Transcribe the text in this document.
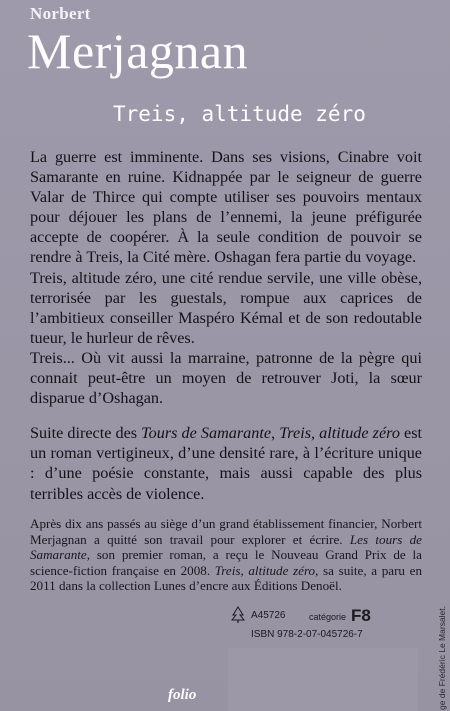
Norbert
Merjagnan
Treis, altitude zéro

La guerre est imminente. Dans ses visions, Cinabre voit Samarante en ruine. Kidnappée par le seigneur de guerre Valar de Thirce qui compte utiliser ses pouvoirs mentaux pour déjouer les plans de l’ennemi, la jeune préfigurée accepte de coopérer. À la seule condition de pouvoir se rendre à Treis, la Cité mère. Oshagan fera partie du voyage.

Treis, altitude zéro, une cité rendue servile, une ville obèse, terrorisée par les guestals, rompue aux caprices de l’ambitieux conseiller Maspéro Kémal et de son redoutable tueur, le hurleur de rêves.

Treis... Où vit aussi la marraine, patronne de la pègre qui connait peut-être un moyen de retrouver Joti, la sœur disparue d’Oshagan.

Suite directe des Tours de Samarante, Treis, altitude zéro est un roman vertigineux, d’une densité rare, à l’écriture unique : d’une poésie constante, mais aussi capable des plus terribles accès de violence.

Après dix ans passés au siège d’un grand établissement financier, Norbert Merjagnan a quitté son travail pour explorer et écrire. Les tours de Samarante, son premier roman, a reçu le Nouveau Grand Prix de la science-fiction française en 2008. Treis, altitude zéro, sa suite, a paru en 2011 dans la collection Lunes d’encre aux Éditions Denoël.

ge de Frédéric Le Marsalet.
A45726	catégorie F8
ISBN 978-2-07-045726-7
folio
